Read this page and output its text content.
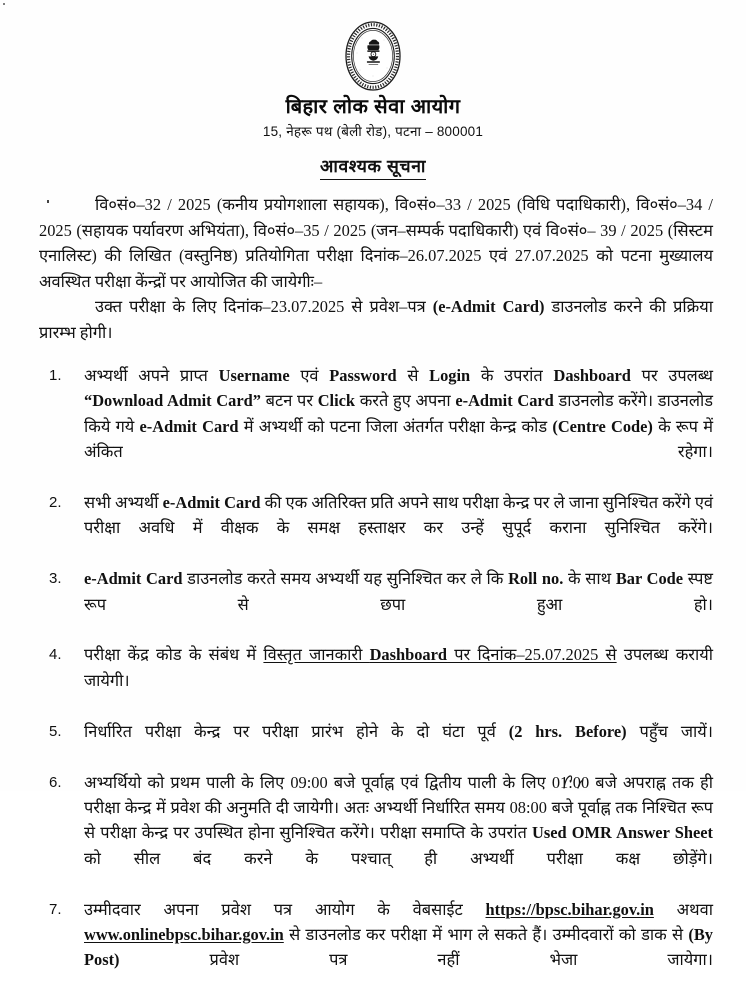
बिहार लोक सेवा आयोग
15, नेहरू पथ (बेली रोड), पटना – 800001
आवश्यक सूचना

वि०सं०–32 / 2025 (कनीय प्रयोगशाला सहायक), वि०सं०–33 / 2025 (विधि पदाधिकारी), वि०सं०–34 / 2025 (सहायक पर्यावरण अभियंता), वि०सं०–35 / 2025 (जन–सम्पर्क पदाधिकारी) एवं वि०सं०– 39 / 2025 (सिस्टम एनालिस्ट) की लिखित (वस्तुनिष्ठ) प्रतियोगिता परीक्षा दिनांक–26.07.2025 एवं 27.07.2025 को पटना मुख्यालय अवस्थित परीक्षा केंन्द्रों पर आयोजित की जायेगीः–

उक्त परीक्षा के लिए दिनांक–23.07.2025 से प्रवेश–पत्र (e-Admit Card) डाउनलोड करने की प्रक्रिया प्रारम्भ होगी।

1.	अभ्यर्थी अपने प्राप्त Username एवं Password से Login के उपरांत Dashboard पर उपलब्ध “Download Admit Card” बटन पर Click करते हुए अपना e-Admit Card डाउनलोड करेंगे। डाउनलोड किये गये e-Admit Card में अभ्यर्थी को पटना जिला अंतर्गत परीक्षा केन्द्र कोड (Centre Code) के रूप में अंकित रहेगा।
2.	सभी अभ्यर्थी e-Admit Card की एक अतिरिक्त प्रति अपने साथ परीक्षा केन्द्र पर ले जाना सुनिश्चित करेंगे एवं परीक्षा अवधि में वीक्षक के समक्ष हस्ताक्षर कर उन्हें सुपूर्द कराना सुनिश्चित करेंगे।
3.	e-Admit Card डाउनलोड करते समय अभ्यर्थी यह सुनिश्चित कर ले कि Roll no. के साथ Bar Code स्पष्ट रूप से छपा हुआ हो।
4.	परीक्षा केंद्र कोड के संबंध में विस्तृत जानकारी Dashboard पर दिनांक–25.07.2025 से उपलब्ध करायी जायेगी।
5.	निर्धारित परीक्षा केन्द्र पर परीक्षा प्रारंभ होने के दो घंटा पूर्व (2 hrs. Before) पहुँच जायें।
6.	अभ्यर्थियो को प्रथम पाली के लिए 09:00 बजे पूर्वाह्न एवं द्वितीय पाली के लिए 01:00 बजे अपराह्न तक ही परीक्षा केन्द्र में प्रवेश की अनुमति दी जायेगी। अतः अभ्यर्थी निर्धारित समय 08:00 बजे पूर्वाह्न तक निश्चित रूप से परीक्षा केन्द्र पर उपस्थित होना सुनिश्चित करेंगे। परीक्षा समाप्ति के उपरांत Used OMR Answer Sheet को सील बंद करने के पश्चात् ही अभ्यर्थी परीक्षा कक्ष छोड़ेंगे।
7.	उम्मीदवार अपना प्रवेश पत्र आयोग के वेबसाईट https://bpsc.bihar.gov.in अथवा www.onlinebpsc.bihar.gov.in से डाउनलोड कर परीक्षा में भाग ले सकते हैं। उम्मीदवारों को डाक से (By Post) प्रवेश पत्र नहीं भेजा जायेगा।
